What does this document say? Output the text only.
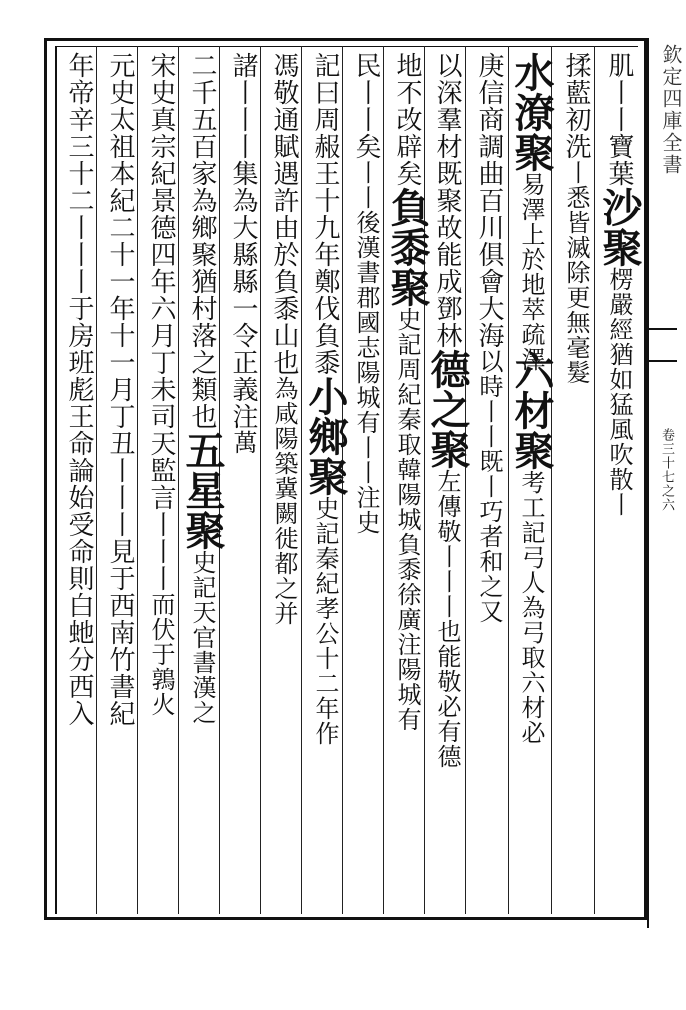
欽定四庫全書
卷三十七之六
肌丨丨寶葉沙聚楞嚴經猶如猛風吹散丨
揉藍初洗丨悉皆滅除更無毫髮
水潦聚易澤上於地萃疏澤
六材聚考工記弓人為弓取六材必
庚信商調曲百川俱會大海以時丨丨既丨巧者和之又
以深羣材既聚故能成鄧林德之聚左傳敬丨丨丨也能敬必有德
地不改辟矣負黍聚史記周紀秦取韓陽城負黍徐廣注陽城有
民丨丨矣丨丨後漢書郡國志陽城有丨丨注史
記曰周赧王十九年鄭伐負黍小鄉聚史記秦紀孝公十二年作
馮敬通賦遇許由於負黍山也為咸陽築冀闕徙都之并
諸丨丨丨集為大縣縣一令正義注萬
二千五百家為鄉聚猶村落之類也五星聚史記天官書漢之
宋史真宗紀景德四年六月丁未司天監言丨丨丨而伏于鶉火
元史太祖本紀二十一年十一月丁丑丨丨丨見于西南竹書紀
年帝辛三十二丨丨丨于房班彪王命論始受命則白虵分西入
